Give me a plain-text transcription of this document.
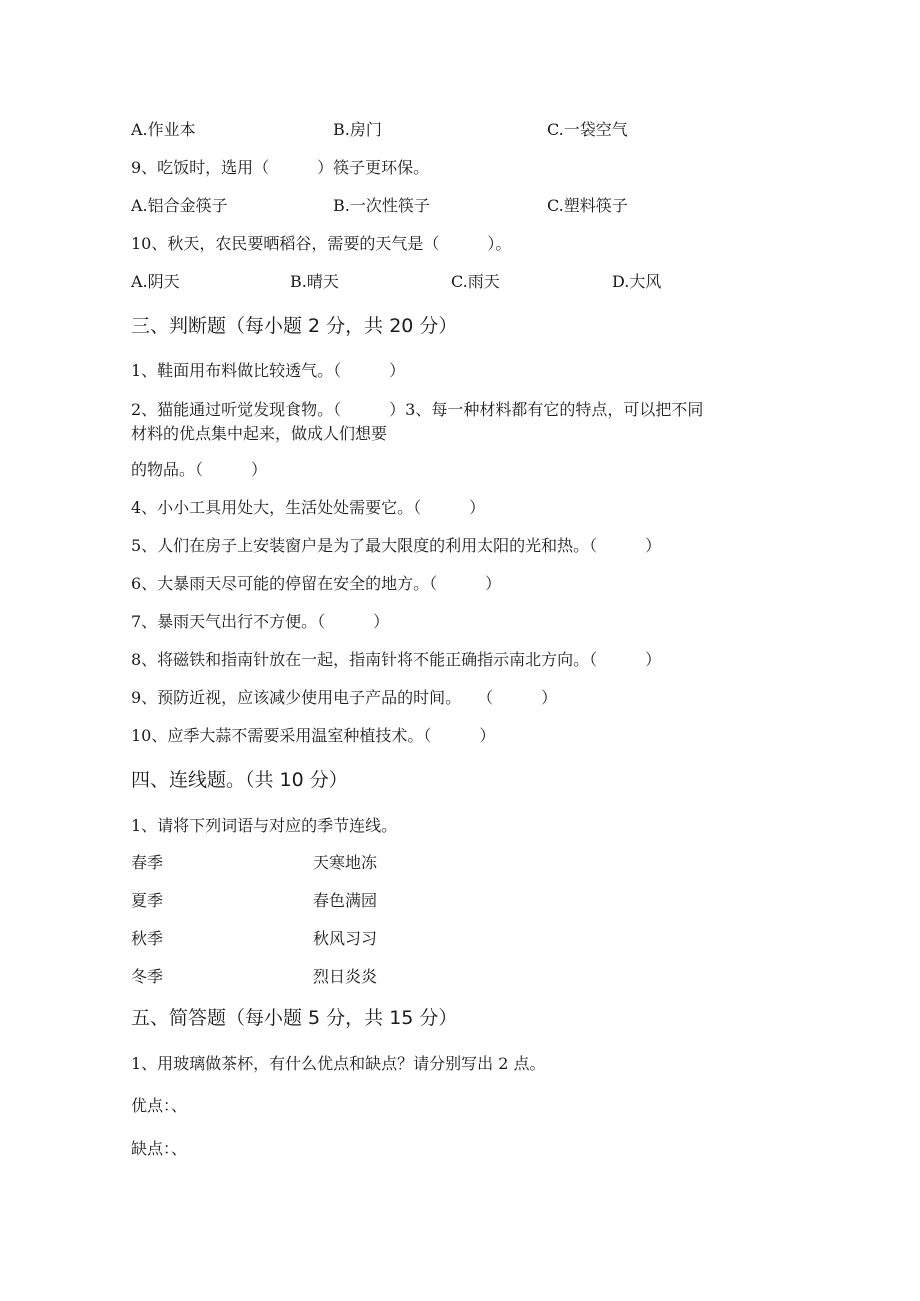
A.作业本	B.房门	C.一袋空气
9、吃饭时，选用（　　　）筷子更环保。
A.铝合金筷子	B.一次性筷子	C.塑料筷子
10、秋天，农民要晒稻谷，需要的天气是（　　　）。
A.阴天	B.晴天	C.雨天	D.大风
三、判断题（每小题 2 分，共 20 分）
1、鞋面用布料做比较透气。（　　　）
2、猫能通过听觉发现食物。（　　　）3、每一种材料都有它的特点，可以把不同
材料的优点集中起来，做成人们想要
的物品。（　　　）
4、小小工具用处大，生活处处需要它。（　　　）
5、人们在房子上安装窗户是为了最大限度的利用太阳的光和热。（　　　）
6、大暴雨天尽可能的停留在安全的地方。（　　　）
7、暴雨天气出行不方便。（　　　）
8、将磁铁和指南针放在一起，指南针将不能正确指示南北方向。（　　　）
9、预防近视，应该减少使用电子产品的时间。　　（　　　）
10、应季大蒜不需要采用温室种植技术。（　　　）
四、连线题。（共 10 分）
1、请将下列词语与对应的季节连线。
春季	天寒地冻
夏季	春色满园
秋季	秋风习习
冬季	烈日炎炎
五、简答题（每小题 5 分，共 15 分）
1、用玻璃做茶杯，有什么优点和缺点？请分别写出 2 点。
优点：、
缺点：、
